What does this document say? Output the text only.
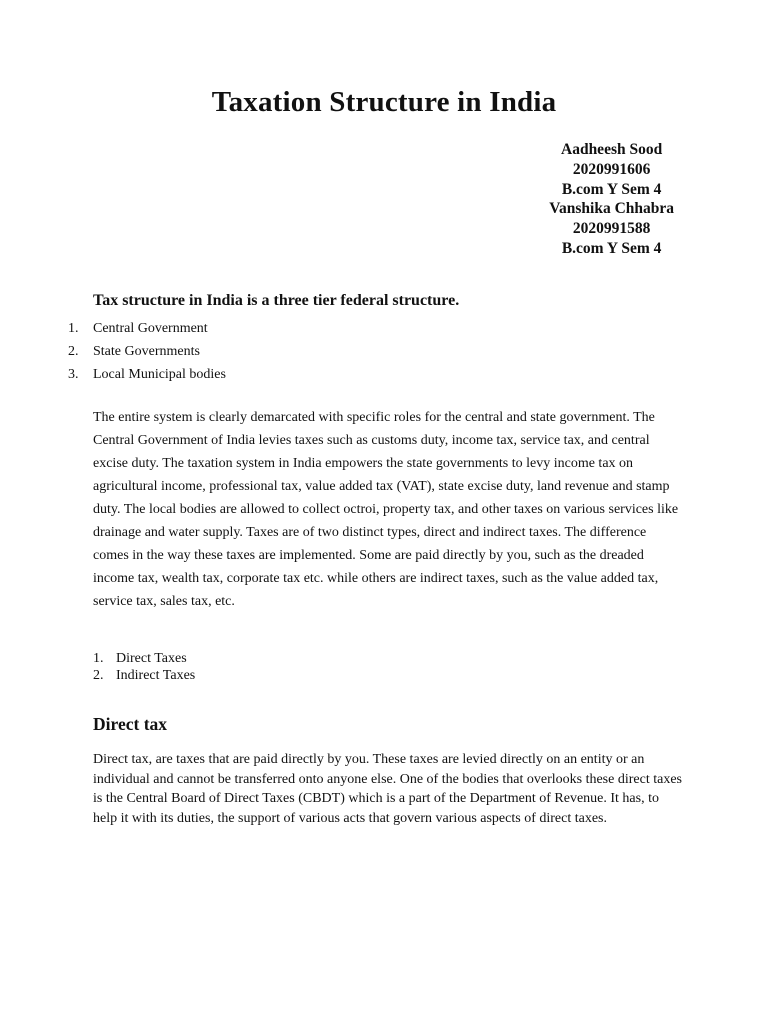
Taxation Structure in India
Aadheesh Sood
2020991606
B.com Y Sem 4
Vanshika Chhabra
2020991588
B.com Y Sem 4
Tax structure in India is a three tier federal structure.
1.	Central Government
2.	State Governments
3.	Local Municipal bodies

The entire system is clearly demarcated with specific roles for the central and state government. The Central Government of India levies taxes such as customs duty, income tax, service tax, and central excise duty. The taxation system in India empowers the state governments to levy income tax on agricultural income, professional tax, value added tax (VAT), state excise duty, land revenue and stamp duty. The local bodies are allowed to collect octroi, property tax, and other taxes on various services like drainage and water supply. Taxes are of two distinct types, direct and indirect taxes. The difference comes in the way these taxes are implemented. Some are paid directly by you, such as the dreaded income tax, wealth tax, corporate tax etc. while others are indirect taxes, such as the value added tax, service tax, sales tax, etc.

1. Direct Taxes
2. Indirect Taxes
Direct tax

Direct tax, are taxes that are paid directly by you. These taxes are levied directly on an entity or an individual and cannot be transferred onto anyone else. One of the bodies that overlooks these direct taxes is the Central Board of Direct Taxes (CBDT) which is a part of the Department of Revenue. It has, to help it with its duties, the support of various acts that govern various aspects of direct taxes.
